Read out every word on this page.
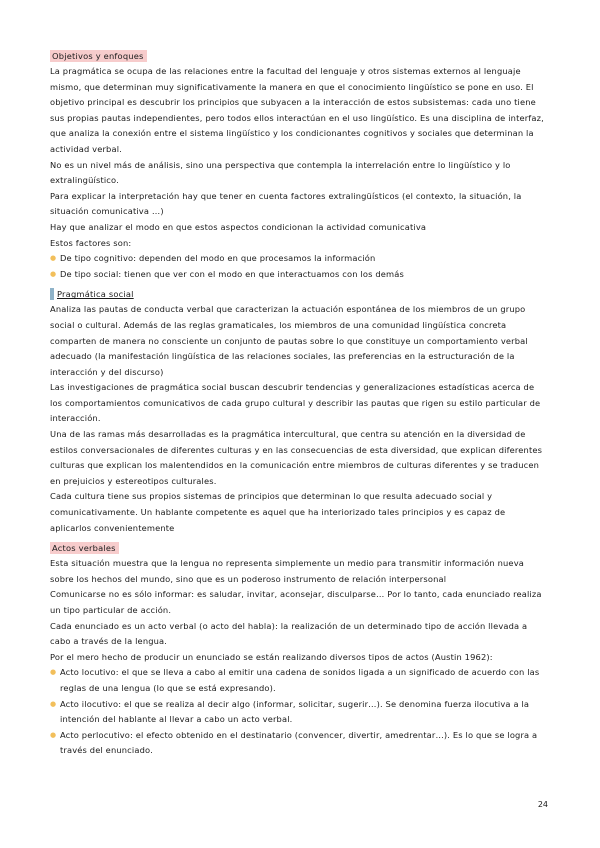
Objetivos y enfoques

La pragmática se ocupa de las relaciones entre la facultad del lenguaje y otros sistemas externos al lenguaje mismo, que determinan muy significativamente la manera en que el conocimiento lingüístico se pone en uso. El objetivo principal es descubrir los principios que subyacen a la interacción de estos subsistemas: cada uno tiene sus propias pautas independientes, pero todos ellos interactúan en el uso lingüístico. Es una disciplina de interfaz, que analiza la conexión entre el sistema lingüístico y los condicionantes cognitivos y sociales que determinan la actividad verbal.

No es un nivel más de análisis, sino una perspectiva que contempla la interrelación entre lo lingüístico y lo extralingüístico.

Para explicar la interpretación hay que tener en cuenta factores extralingüísticos (el contexto, la situación, la situación comunicativa …)

Hay que analizar el modo en que estos aspectos condicionan la actividad comunicativa

Estos factores son:

● De tipo cognitivo: dependen del modo en que procesamos la información
● De tipo social: tienen que ver con el modo en que interactuamos con los demás
Pragmática social

Analiza las pautas de conducta verbal que caracterizan la actuación espontánea de los miembros de un grupo social o cultural. Además de las reglas gramaticales, los miembros de una comunidad lingüística concreta comparten de manera no consciente un conjunto de pautas sobre lo que constituye un comportamiento verbal adecuado (la manifestación lingüística de las relaciones sociales, las preferencias en la estructuración de la interacción y del discurso)

Las investigaciones de pragmática social buscan descubrir tendencias y generalizaciones estadísticas acerca de los comportamientos comunicativos de cada grupo cultural y describir las pautas que rigen su estilo particular de interacción.

Una de las ramas más desarrolladas es la pragmática intercultural, que centra su atención en la diversidad de estilos conversacionales de diferentes culturas y en las consecuencias de esta diversidad, que explican diferentes culturas que explican los malentendidos en la comunicación entre miembros de culturas diferentes y se traducen en prejuicios y estereotipos culturales.

Cada cultura tiene sus propios sistemas de principios que determinan lo que resulta adecuado social y comunicativamente. Un hablante competente es aquel que ha interiorizado tales principios y es capaz de aplicarlos convenientemente

Actos verbales

Esta situación muestra que la lengua no representa simplemente un medio para transmitir información nueva sobre los hechos del mundo, sino que es un poderoso instrumento de relación interpersonal

Comunicarse no es sólo informar: es saludar, invitar, aconsejar, disculparse… Por lo tanto, cada enunciado realiza un tipo particular de acción.

Cada enunciado es un acto verbal (o acto del habla): la realización de un determinado tipo de acción llevada a cabo a través de la lengua.

Por el mero hecho de producir un enunciado se están realizando diversos tipos de actos (Austin 1962):

● Acto locutivo: el que se lleva a cabo al emitir una cadena de sonidos ligada a un significado de acuerdo con las reglas de una lengua (lo que se está expresando).
● Acto ilocutivo: el que se realiza al decir algo (informar, solicitar, sugerir…). Se denomina fuerza ilocutiva a la intención del hablante al llevar a cabo un acto verbal.
● Acto perlocutivo: el efecto obtenido en el destinatario (convencer, divertir, amedrentar…). Es lo que se logra a través del enunciado.
24
